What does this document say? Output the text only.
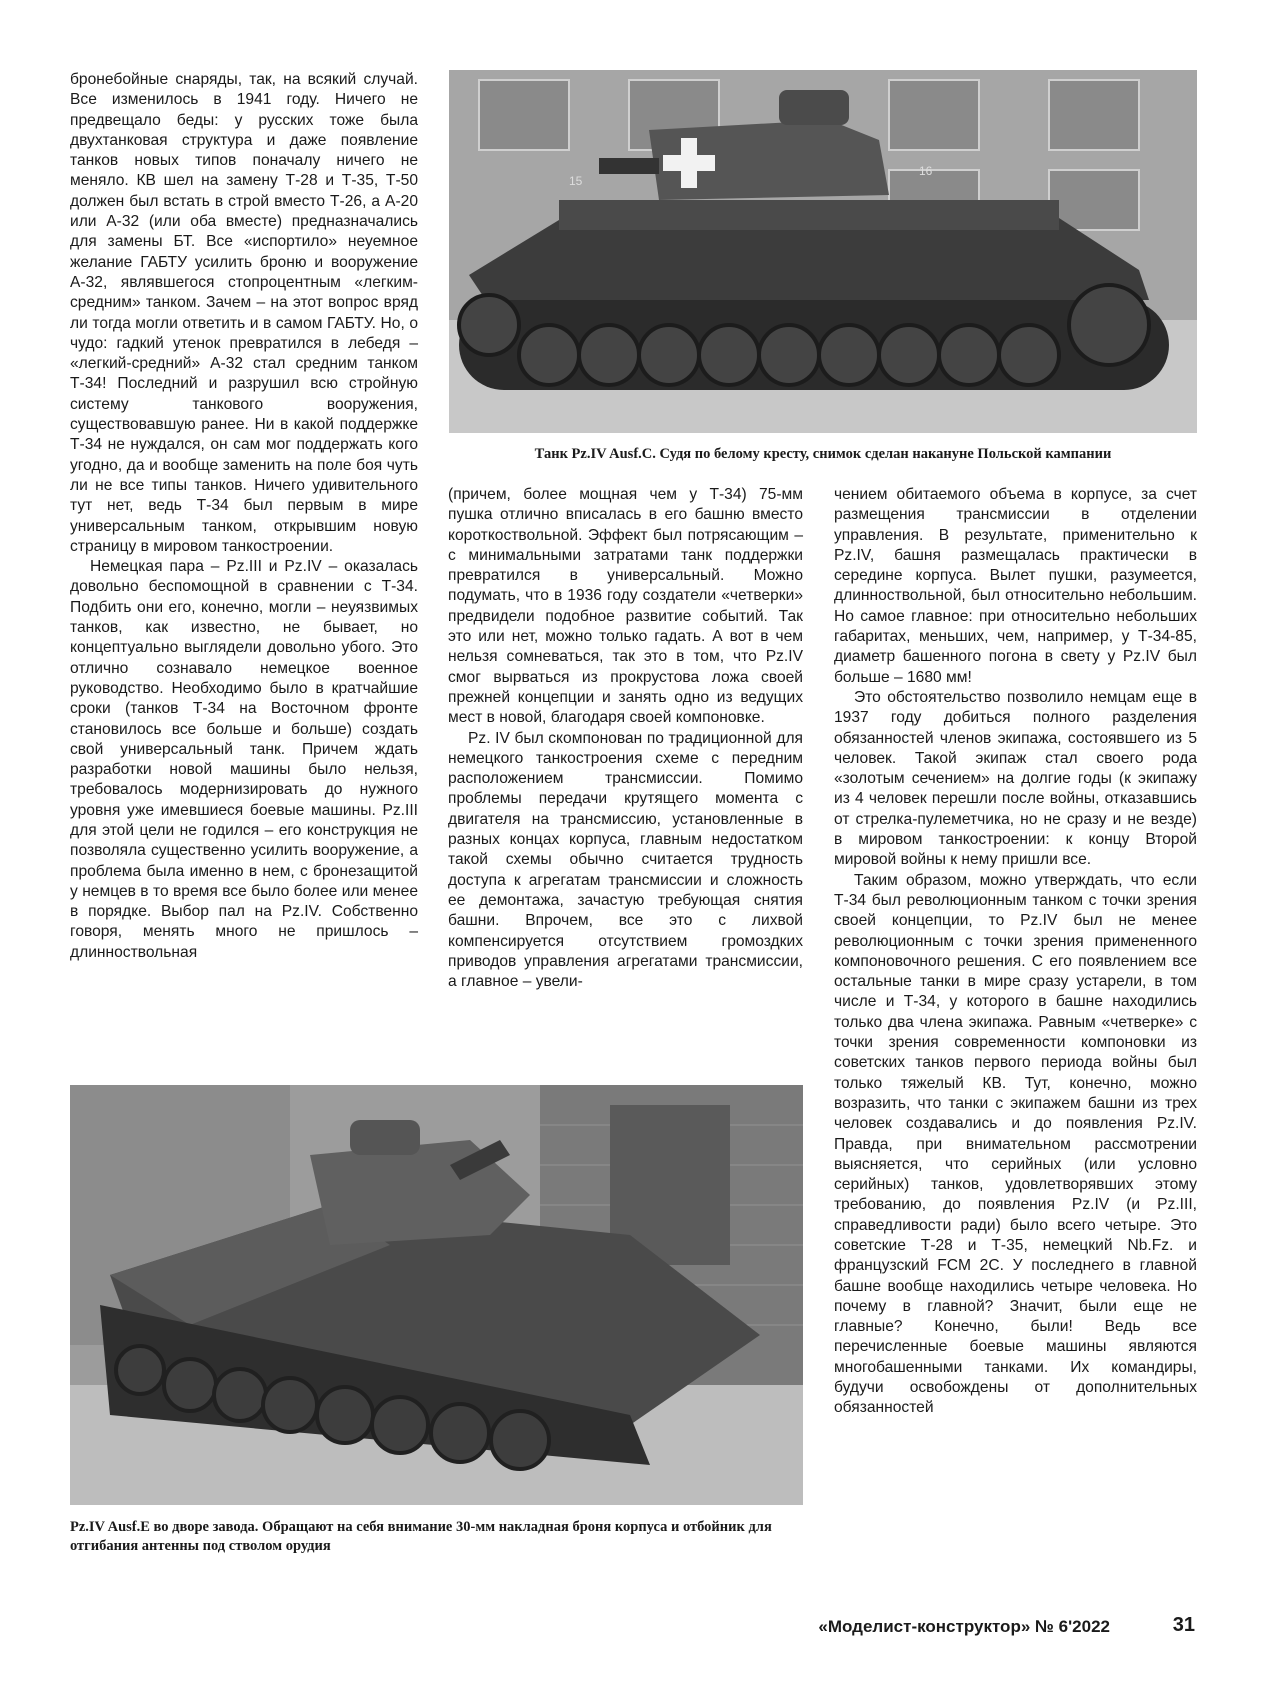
бронебойные снаряды, так, на всякий случай. Все изменилось в 1941 году. Ничего не предвещало беды: у русских тоже была двухтанковая структура и даже появление танков новых типов поначалу ничего не меняло. КВ шел на замену Т-28 и Т-35, Т-50 должен был встать в строй вместо Т-26, а А-20 или А-32 (или оба вместе) предназначались для замены БТ. Все «испортило» неуемное желание ГАБТУ усилить броню и вооружение А-32, являвшегося стопроцентным «легким-средним» танком. Зачем – на этот вопрос вряд ли тогда могли ответить и в самом ГАБТУ. Но, о чудо: гадкий утенок превратился в лебедя – «легкий-средний» А-32 стал средним танком Т-34! Последний и разрушил всю стройную систему танкового вооружения, существовавшую ранее. Ни в какой поддержке Т-34 не нуждался, он сам мог поддержать кого угодно, да и вообще заменить на поле боя чуть ли не все типы танков. Ничего удивительного тут нет, ведь Т-34 был первым в мире универсальным танком, открывшим новую страницу в мировом танкостроении.

Немецкая пара – Pz.III и Pz.IV – оказалась довольно беспомощной в сравнении с Т-34. Подбить они его, конечно, могли – неуязвимых танков, как известно, не бывает, но концептуально выглядели довольно убого. Это отлично сознавало немецкое военное руководство. Необходимо было в кратчайшие сроки (танков Т-34 на Восточном фронте становилось все больше и больше) создать свой универсальный танк. Причем ждать разработки новой машины было нельзя, требовалось модернизировать до нужного уровня уже имевшиеся боевые машины. Pz.III для этой цели не годился – его конструкция не позволяла существенно усилить вооружение, а проблема была именно в нем, с бронезащитой у немцев в то время все было более или менее в порядке. Выбор пал на Pz.IV. Собственно говоря, менять много не пришлось – длинноствольная

15
16
Танк Pz.IV Ausf.C. Судя по белому кресту, снимок сделан накануне Польской кампании

(причем, более мощная чем у Т-34) 75-мм пушка отлично вписалась в его башню вместо короткоствольной. Эффект был потрясающим – с минимальными затратами танк поддержки превратился в универсальный. Можно подумать, что в 1936 году создатели «четверки» предвидели подобное развитие событий. Так это или нет, можно только гадать. А вот в чем нельзя сомневаться, так это в том, что Pz.IV смог вырваться из прокрустова ложа своей прежней концепции и занять одно из ведущих мест в новой, благодаря своей компоновке.

Pz. IV был скомпонован по традиционной для немецкого танкостроения схеме с передним расположением трансмиссии. Помимо проблемы передачи крутящего момента с двигателя на трансмиссию, установленные в разных концах корпуса, главным недостатком такой схемы обычно считается трудность доступа к агрегатам трансмиссии и сложность ее демонтажа, зачастую требующая снятия башни. Впрочем, все это с лихвой компенсируется отсутствием громоздких приводов управления агрегатами трансмиссии, а главное – увели-

чением обитаемого объема в корпусе, за счет размещения трансмиссии в отделении управления. В результате, применительно к Pz.IV, башня размещалась практически в середине корпуса. Вылет пушки, разумеется, длинноствольной, был относительно небольшим. Но самое главное: при относительно небольших габаритах, меньших, чем, например, у Т-34-85, диаметр башенного погона в свету у Pz.IV был больше – 1680 мм!

Это обстоятельство позволило немцам еще в 1937 году добиться полного разделения обязанностей членов экипажа, состоявшего из 5 человек. Такой экипаж стал своего рода «золотым сечением» на долгие годы (к экипажу из 4 человек перешли после войны, отказавшись от стрелка-пулеметчика, но не сразу и не везде) в мировом танкостроении: к концу Второй мировой войны к нему пришли все.

Таким образом, можно утверждать, что если Т-34 был революционным танком с точки зрения своей концепции, то Pz.IV был не менее революционным с точки зрения примененного компоновочного решения. С его появлением все остальные танки в мире сразу устарели, в том числе и Т-34, у которого в башне находились только два члена экипажа. Равным «четверке» с точки зрения современности компоновки из советских танков первого периода войны был только тяжелый КВ. Тут, конечно, можно возразить, что танки с экипажем башни из трех человек создавались и до появления Pz.IV. Правда, при внимательном рассмотрении выясняется, что серийных (или условно серийных) танков, удовлетворявших этому требованию, до появления Pz.IV (и Pz.III, справедливости ради) было всего четыре. Это советские Т-28 и Т-35, немецкий Nb.Fz. и французский FCM 2C. У последнего в главной башне вообще находились четыре человека. Но почему в главной? Значит, были еще не главные? Конечно, были! Ведь все перечисленные боевые машины являются многобашенными танками. Их командиры, будучи освобождены от дополнительных обязанностей

Pz.IV Ausf.E во дворе завода. Обращают на себя внимание 30-мм накладная броня корпуса и отбойник для отгибания антенны под стволом орудия
«Моделист-конструктор» № 6'2022	31
